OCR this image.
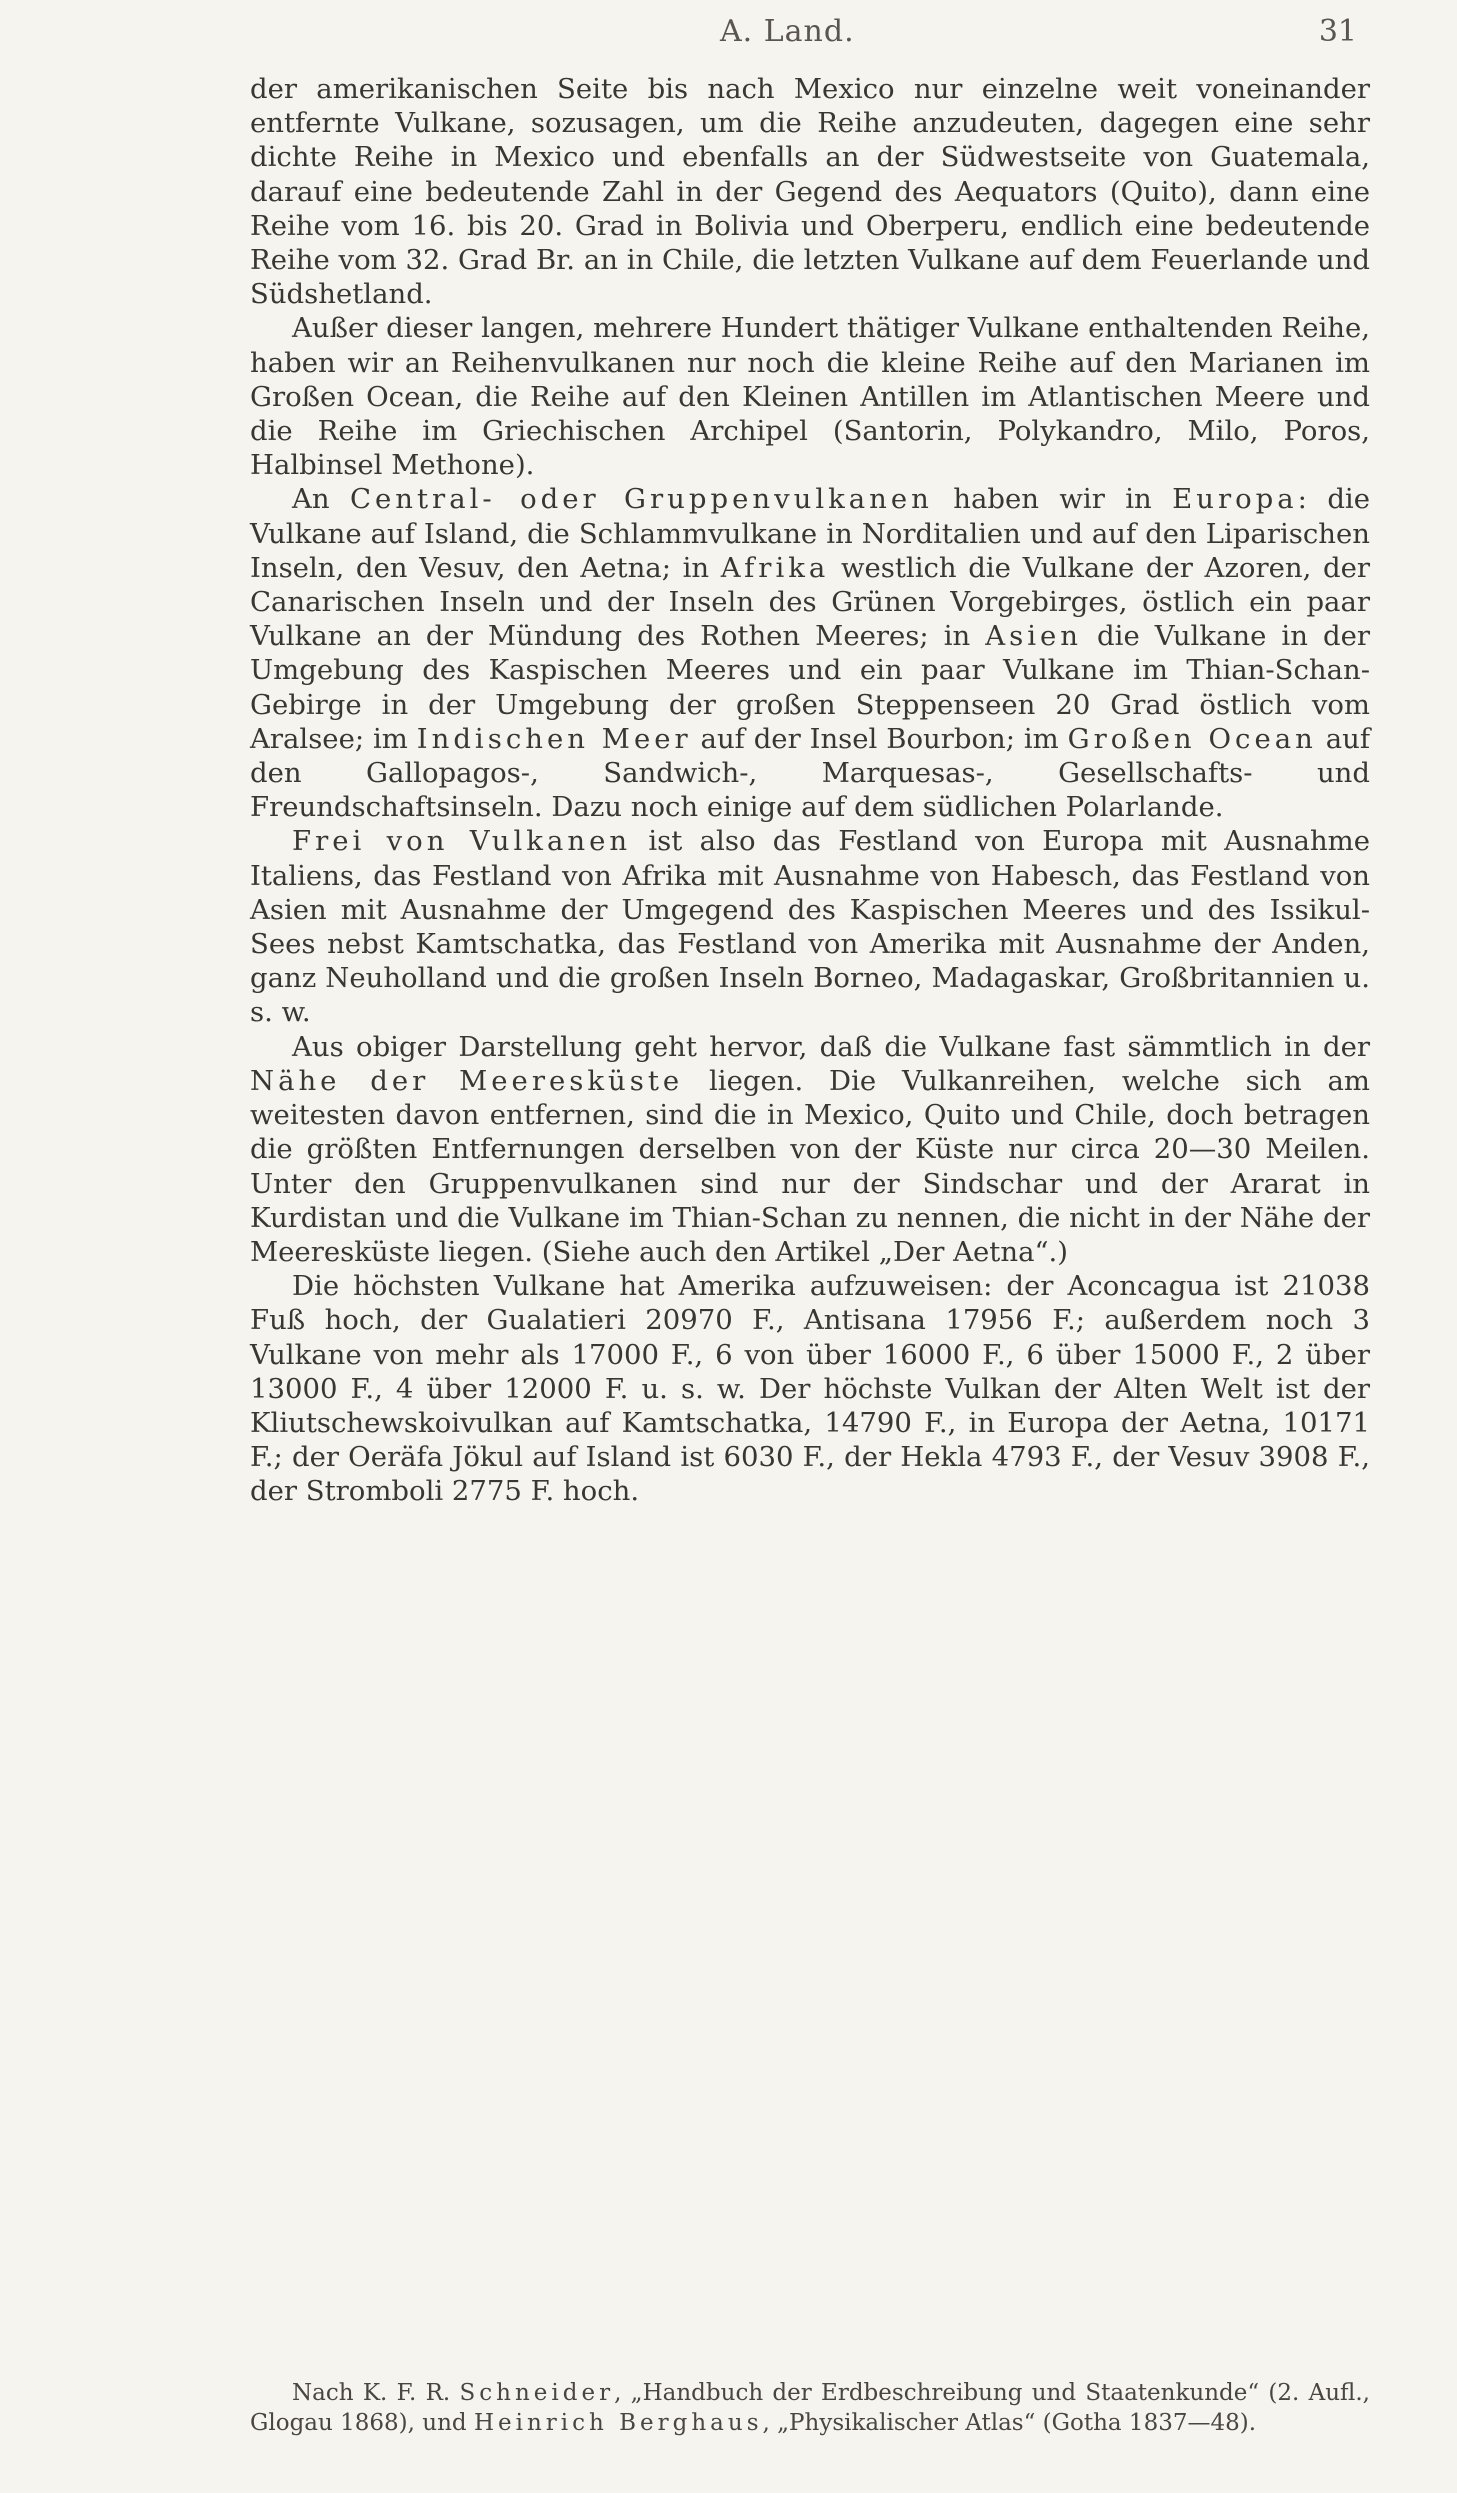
A. Land.	31

der amerikanischen Seite bis nach Mexico nur einzelne weit voneinander entfernte Vulkane, sozusagen, um die Reihe anzudeuten, dagegen eine sehr dichte Reihe in Mexico und ebenfalls an der Südwestseite von Guatemala, darauf eine bedeutende Zahl in der Gegend des Aequators (Quito), dann eine Reihe vom 16. bis 20. Grad in Bolivia und Oberperu, endlich eine bedeutende Reihe vom 32. Grad Br. an in Chile, die letzten Vulkane auf dem Feuerlande und Südshetland.

Außer dieser langen, mehrere Hundert thätiger Vulkane enthaltenden Reihe, haben wir an Reihenvulkanen nur noch die kleine Reihe auf den Marianen im Großen Ocean, die Reihe auf den Kleinen Antillen im Atlantischen Meere und die Reihe im Griechischen Archipel (Santorin, Polykandro, Milo, Poros, Halbinsel Methone).

An Central- oder Gruppenvulkanen haben wir in Europa: die Vulkane auf Island, die Schlammvulkane in Norditalien und auf den Liparischen Inseln, den Vesuv, den Aetna; in Afrika westlich die Vulkane der Azoren, der Canarischen Inseln und der Inseln des Grünen Vorgebirges, östlich ein paar Vulkane an der Mündung des Rothen Meeres; in Asien die Vulkane in der Umgebung des Kaspischen Meeres und ein paar Vulkane im Thian-Schan-Gebirge in der Umgebung der großen Steppenseen 20 Grad östlich vom Aralsee; im Indischen Meer auf der Insel Bourbon; im Großen Ocean auf den Gallopagos-, Sandwich-, Marquesas-, Gesellschafts- und Freundschaftsinseln. Dazu noch einige auf dem südlichen Polarlande.

Frei von Vulkanen ist also das Festland von Europa mit Ausnahme Italiens, das Festland von Afrika mit Ausnahme von Habesch, das Festland von Asien mit Ausnahme der Umgegend des Kaspischen Meeres und des Issikul-Sees nebst Kamtschatka, das Festland von Amerika mit Ausnahme der Anden, ganz Neuholland und die großen Inseln Borneo, Madagaskar, Großbritannien u. s. w.

Aus obiger Darstellung geht hervor, daß die Vulkane fast sämmtlich in der Nähe der Meeresküste liegen. Die Vulkanreihen, welche sich am weitesten davon entfernen, sind die in Mexico, Quito und Chile, doch betragen die größten Entfernungen derselben von der Küste nur circa 20—30 Meilen. Unter den Gruppenvulkanen sind nur der Sindschar und der Ararat in Kurdistan und die Vulkane im Thian-Schan zu nennen, die nicht in der Nähe der Meeresküste liegen. (Siehe auch den Artikel „Der Aetna“.)

Die höchsten Vulkane hat Amerika aufzuweisen: der Aconcagua ist 21038 Fuß hoch, der Gualatieri 20970 F., Antisana 17956 F.; außerdem noch 3 Vulkane von mehr als 17000 F., 6 von über 16000 F., 6 über 15000 F., 2 über 13000 F., 4 über 12000 F. u. s. w. Der höchste Vulkan der Alten Welt ist der Kliutschewskoivulkan auf Kamtschatka, 14790 F., in Europa der Aetna, 10171 F.; der Oeräfa Jökul auf Island ist 6030 F., der Hekla 4793 F., der Vesuv 3908 F., der Stromboli 2775 F. hoch.

Nach K. F. R. Schneider, „Handbuch der Erdbeschreibung und Staatenkunde“ (2. Aufl., Glogau 1868), und Heinrich Berghaus, „Physikalischer Atlas“ (Gotha 1837—48).
